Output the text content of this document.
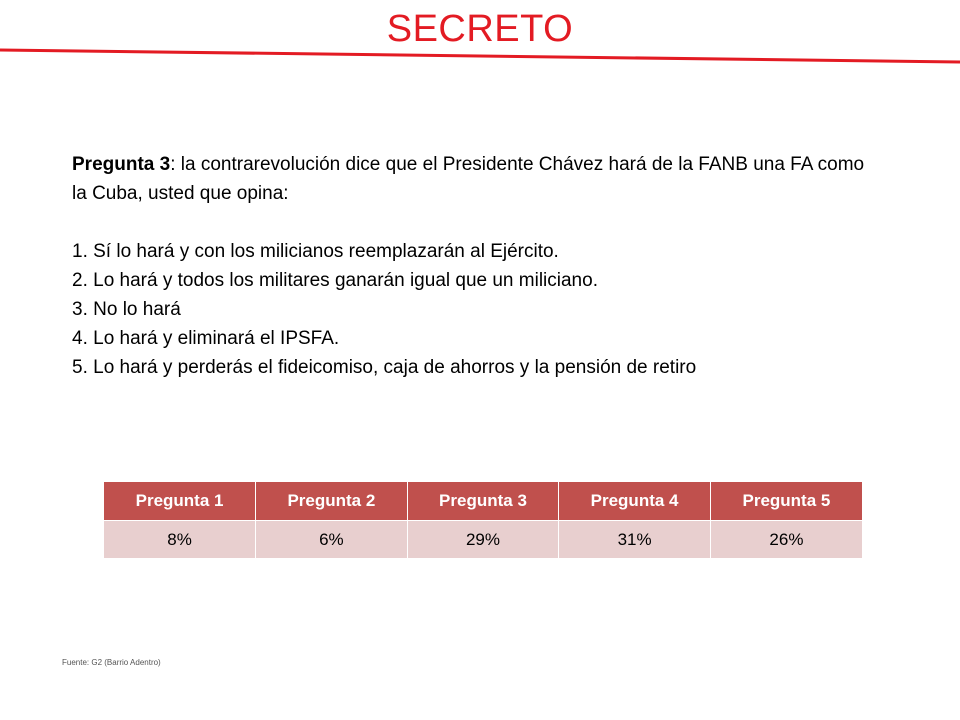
SECRETO

Pregunta 3: la contrarevolución dice que el Presidente Chávez hará de la FANB una FA como la Cuba, usted que opina:

1. Sí lo hará y con los milicianos reemplazarán al Ejército.
2. Lo hará y todos los militares ganarán igual que un miliciano.
3. No lo hará
4. Lo hará y eliminará el IPSFA.
5. Lo hará y perderás el fideicomiso, caja de ahorros y la pensión de retiro
Pregunta 1	Pregunta 2	Pregunta 3	Pregunta 4	Pregunta 5
8%	6%	29%	31%	26%
Fuente: G2 (Barrio Adentro)
